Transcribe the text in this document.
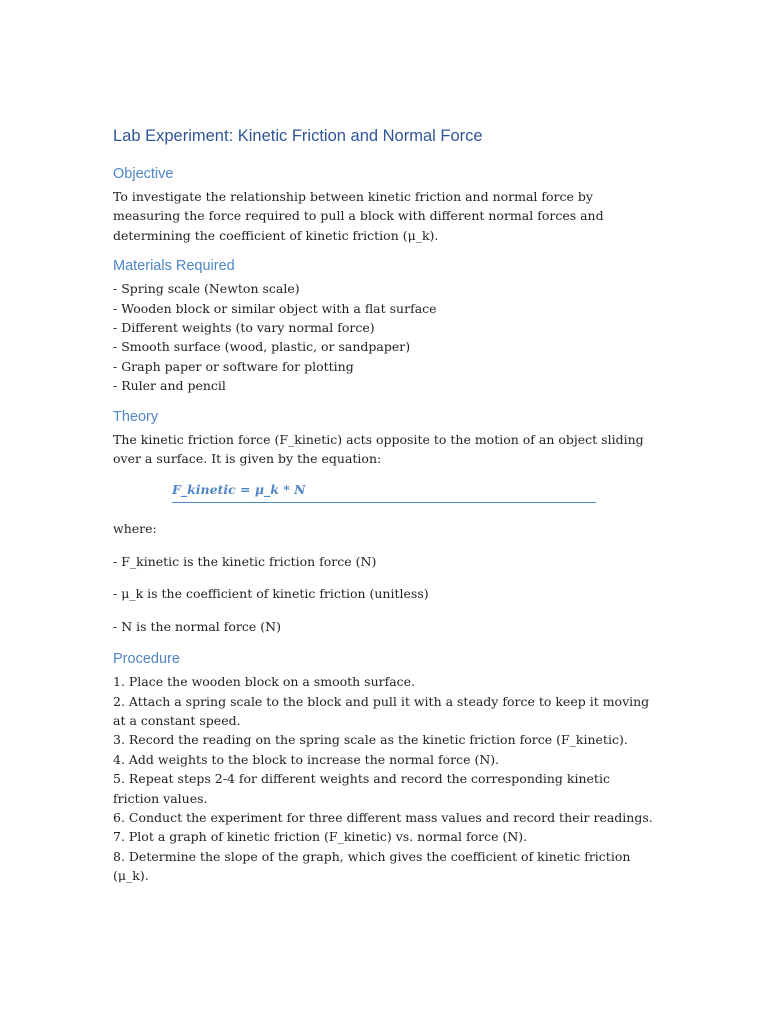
Lab Experiment: Kinetic Friction and Normal Force
Objective

To investigate the relationship between kinetic friction and normal force by measuring the force required to pull a block with different normal forces and determining the coefficient of kinetic friction (μ_k).

Materials Required
- Spring scale (Newton scale)
- Wooden block or similar object with a flat surface
- Different weights (to vary normal force)
- Smooth surface (wood, plastic, or sandpaper)
- Graph paper or software for plotting
- Ruler and pencil
Theory

The kinetic friction force (F_kinetic) acts opposite to the motion of an object sliding over a surface. It is given by the equation:

F_kinetic = μ_k * N

where:

- F_kinetic is the kinetic friction force (N)

- μ_k is the coefficient of kinetic friction (unitless)

- N is the normal force (N)

Procedure
1. Place the wooden block on a smooth surface.
2. Attach a spring scale to the block and pull it with a steady force to keep it moving at a constant speed.
3. Record the reading on the spring scale as the kinetic friction force (F_kinetic).
4. Add weights to the block to increase the normal force (N).
5. Repeat steps 2-4 for different weights and record the corresponding kinetic friction values.
6. Conduct the experiment for three different mass values and record their readings.
7. Plot a graph of kinetic friction (F_kinetic) vs. normal force (N).
8. Determine the slope of the graph, which gives the coefficient of kinetic friction (μ_k).
